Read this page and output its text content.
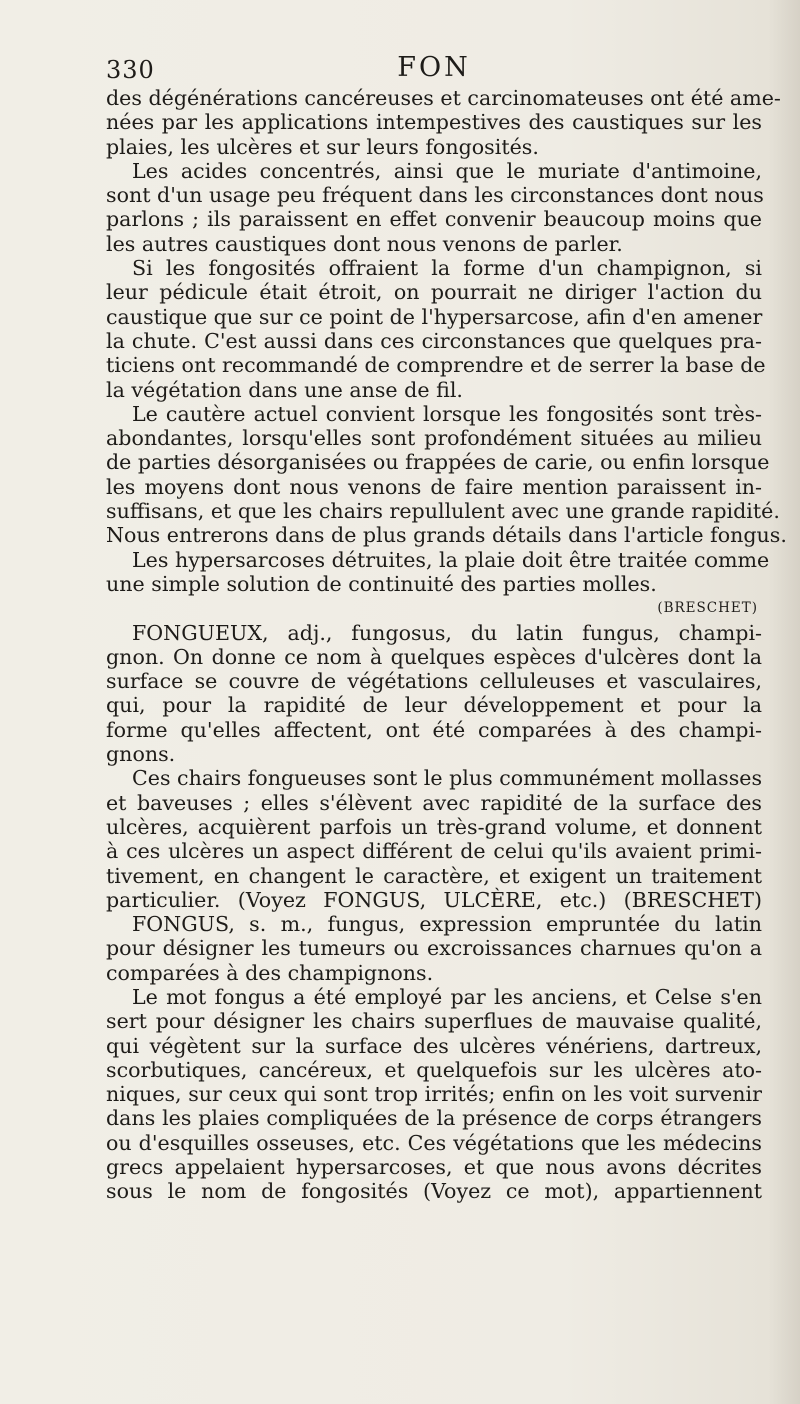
330	FON
des dégénérations cancéreuses et carcinomateuses ont été ame-
nées par les applications intempestives des caustiques sur les
plaies, les ulcères et sur leurs fongosités.
Les acides concentrés, ainsi que le muriate d'antimoine,
sont d'un usage peu fréquent dans les circonstances dont nous
parlons ; ils paraissent en effet convenir beaucoup moins que
les autres caustiques dont nous venons de parler.
Si les fongosités offraient la forme d'un champignon, si
leur pédicule était étroit, on pourrait ne diriger l'action du
caustique que sur ce point de l'hypersarcose, afin d'en amener
la chute. C'est aussi dans ces circonstances que quelques pra-
ticiens ont recommandé de comprendre et de serrer la base de
la végétation dans une anse de fil.
Le cautère actuel convient lorsque les fongosités sont très-
abondantes, lorsqu'elles sont profondément situées au milieu
de parties désorganisées ou frappées de carie, ou enfin lorsque
les moyens dont nous venons de faire mention paraissent in-
suffisans, et que les chairs repullulent avec une grande rapidité.
Nous entrerons dans de plus grands détails dans l'article fongus.
Les hypersarcoses détruites, la plaie doit être traitée comme
une simple solution de continuité des parties molles.
(BRESCHET)
FONGUEUX, adj., fungosus, du latin fungus, champi-
gnon. On donne ce nom à quelques espèces d'ulcères dont la
surface se couvre de végétations celluleuses et vasculaires,
qui, pour la rapidité de leur développement et pour la
forme qu'elles affectent, ont été comparées à des champi-
gnons.
Ces chairs fongueuses sont le plus communément mollasses
et baveuses ; elles s'élèvent avec rapidité de la surface des
ulcères, acquièrent parfois un très-grand volume, et donnent
à ces ulcères un aspect différent de celui qu'ils avaient primi-
tivement, en changent le caractère, et exigent un traitement
particulier. (Voyez FONGUS, ULCÈRE, etc.) (BRESCHET)
FONGUS, s. m., fungus, expression empruntée du latin
pour désigner les tumeurs ou excroissances charnues qu'on a
comparées à des champignons.
Le mot fongus a été employé par les anciens, et Celse s'en
sert pour désigner les chairs superflues de mauvaise qualité,
qui végètent sur la surface des ulcères vénériens, dartreux,
scorbutiques, cancéreux, et quelquefois sur les ulcères ato-
niques, sur ceux qui sont trop irrités; enfin on les voit survenir
dans les plaies compliquées de la présence de corps étrangers
ou d'esquilles osseuses, etc. Ces végétations que les médecins
grecs appelaient hypersarcoses, et que nous avons décrites
sous le nom de fongosités (Voyez ce mot), appartiennent
